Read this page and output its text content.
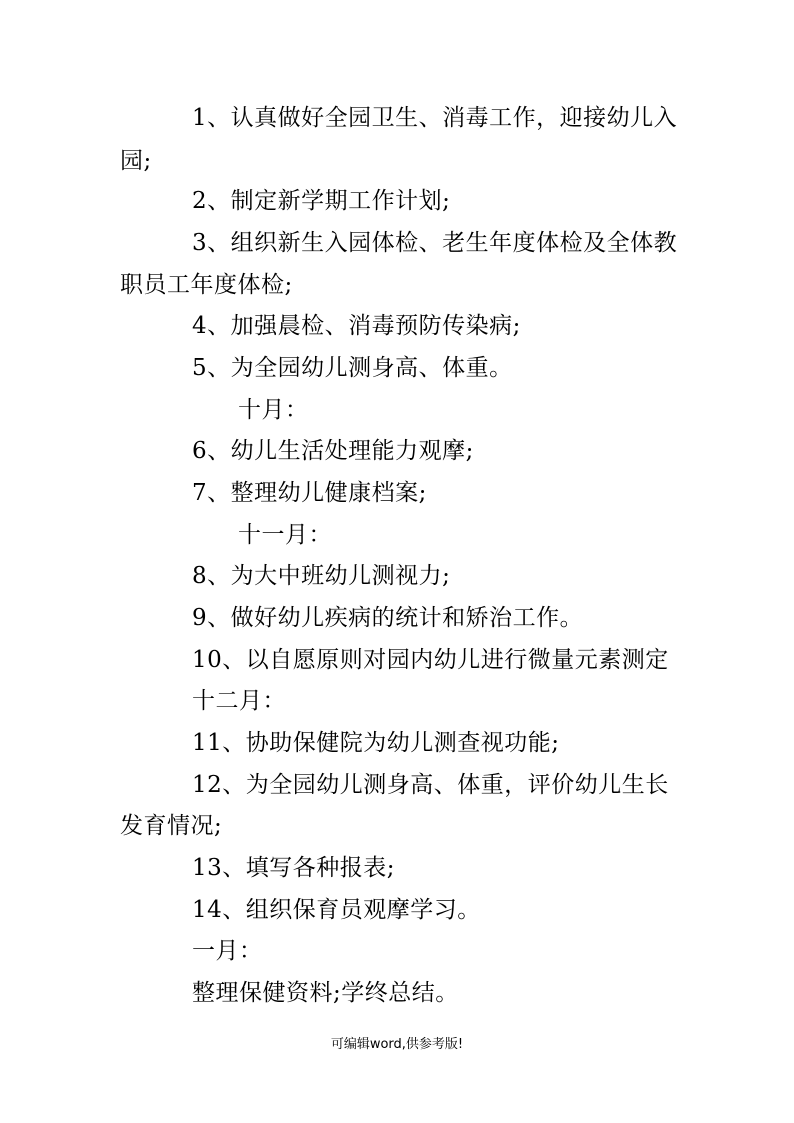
1、认真做好全园卫生、消毒工作，迎接幼儿入
园;
2、制定新学期工作计划;
3、组织新生入园体检、老生年度体检及全体教
职员工年度体检;
4、加强晨检、消毒预防传染病;
5、为全园幼儿测身高、体重。
十月：
6、幼儿生活处理能力观摩;
7、整理幼儿健康档案;
十一月：
8、为大中班幼儿测视力;
9、做好幼儿疾病的统计和矫治工作。
10、以自愿原则对园内幼儿进行微量元素测定
十二月：
11、协助保健院为幼儿测查视功能;
12、为全园幼儿测身高、体重，评价幼儿生长
发育情况;
13、填写各种报表;
14、组织保育员观摩学习。
一月：
整理保健资料;学终总结。
可编辑word,供参考版!
